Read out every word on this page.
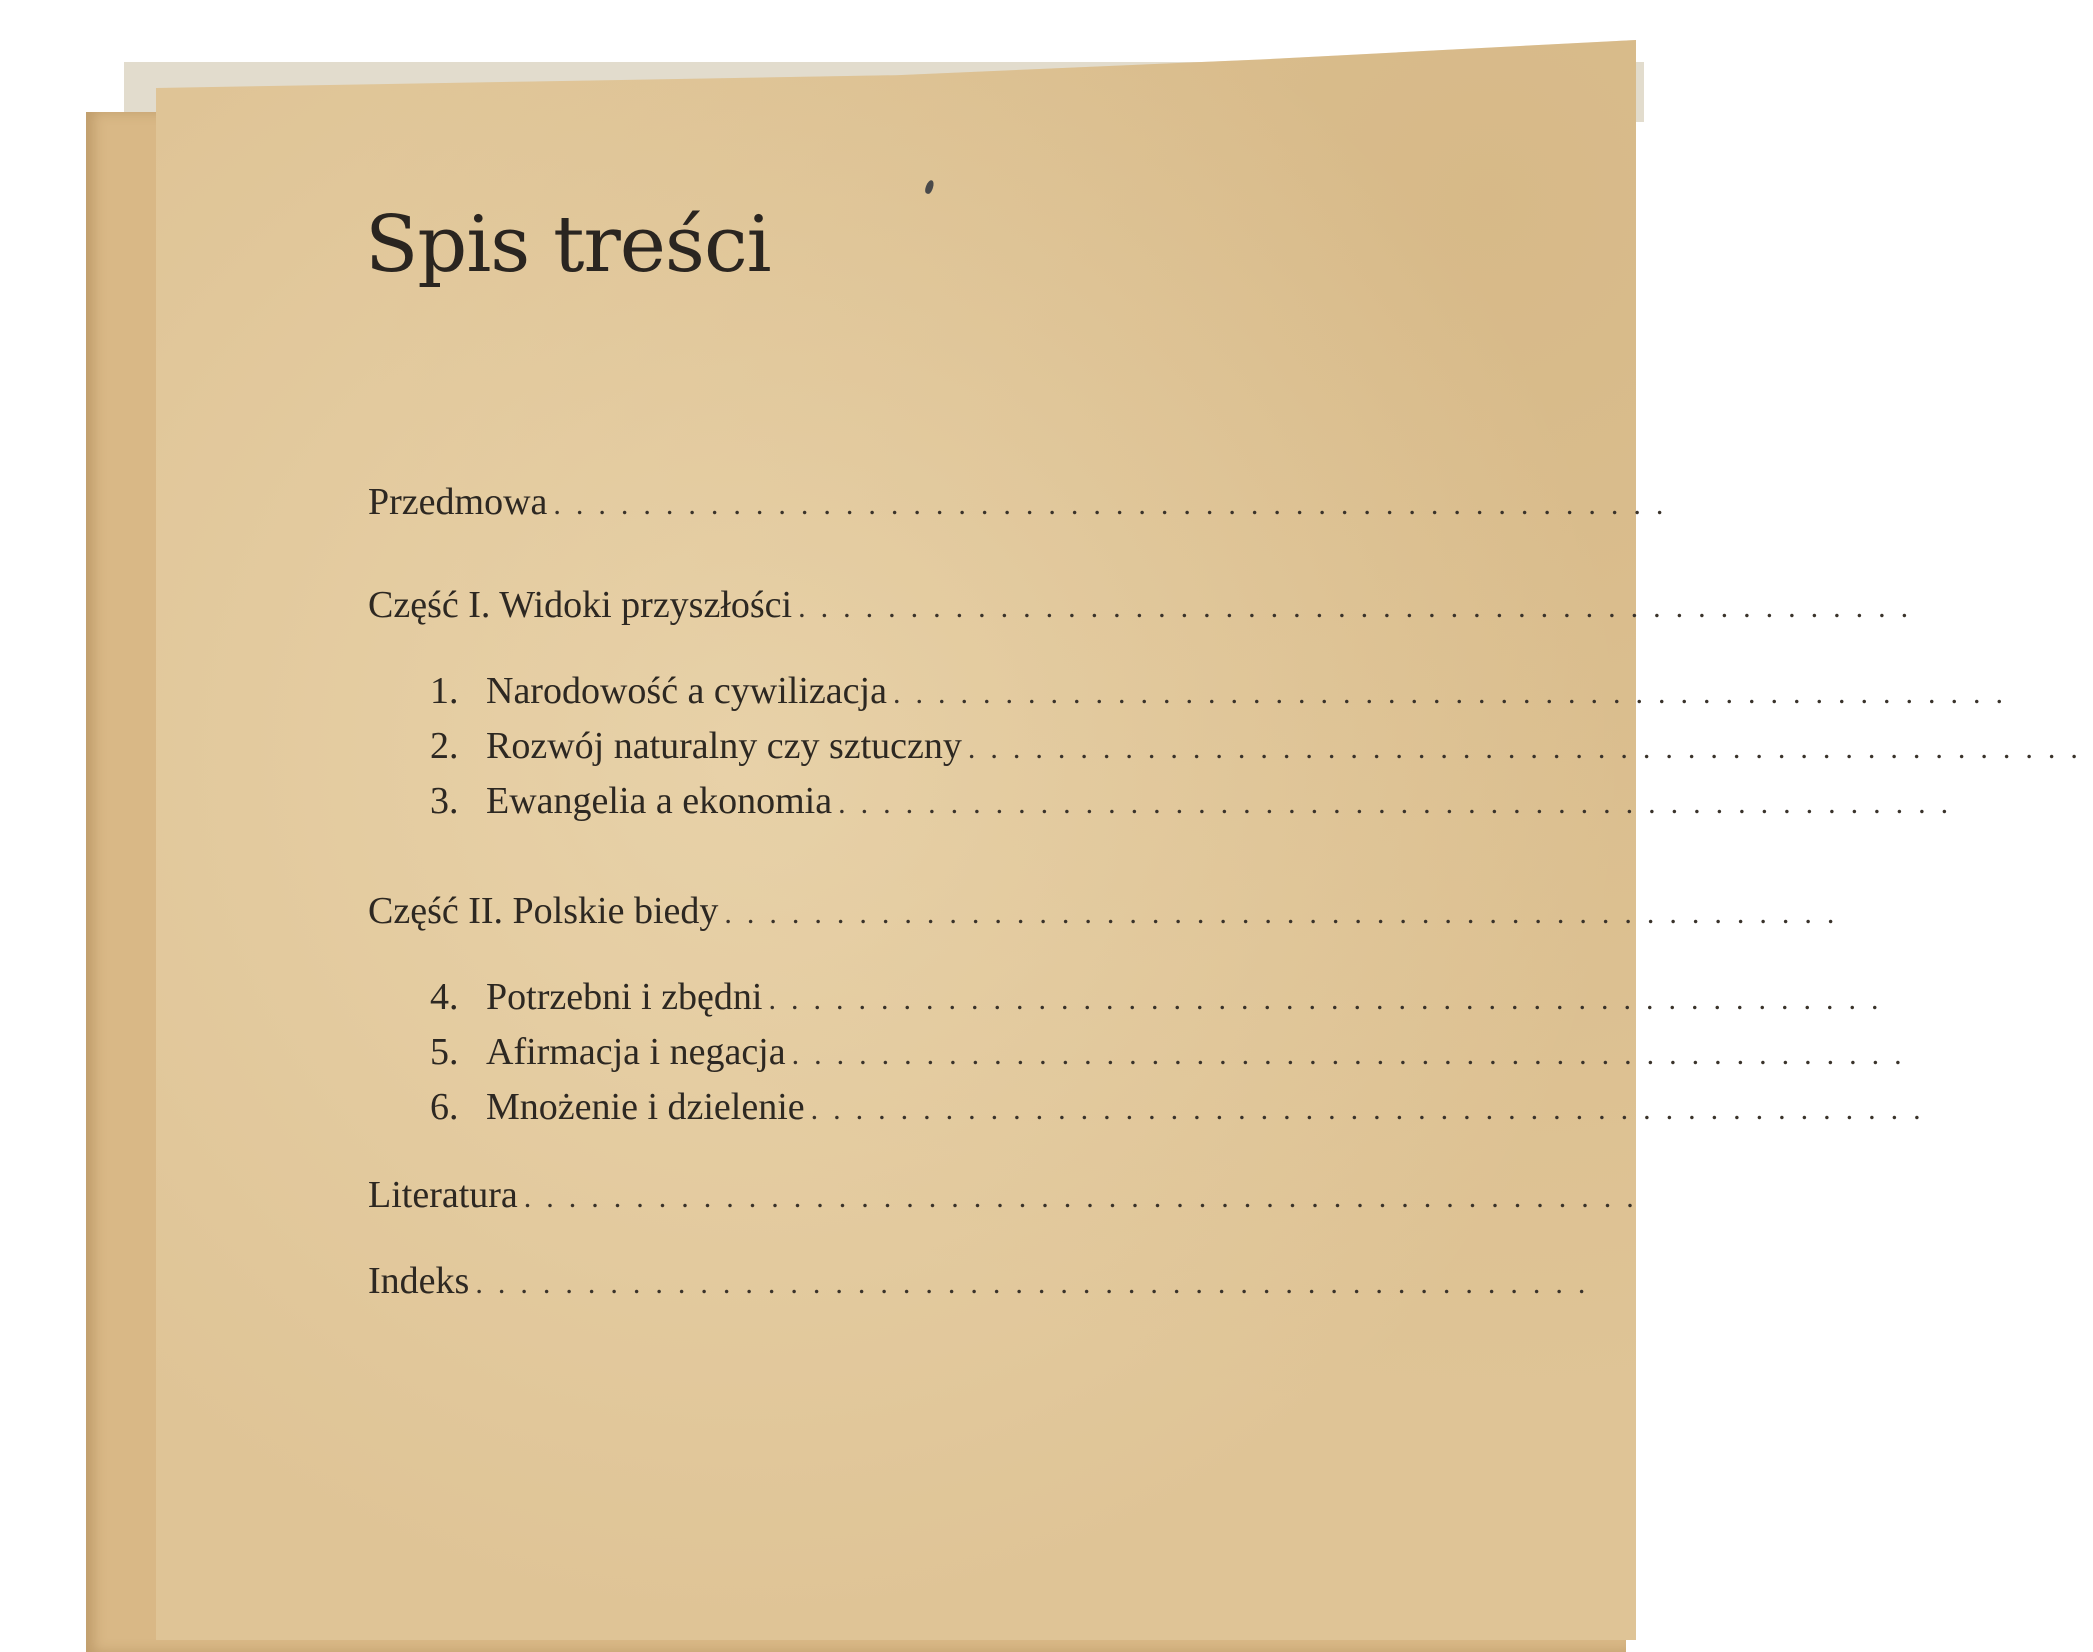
Spis treści
Przedmowa ..................................................
Część I. Widoki przyszłości ..................................................
1. Narodowość a cywilizacja ..................................................
2. Rozwój naturalny czy sztuczny ..................................................
3. Ewangelia a ekonomia ..................................................
Część II. Polskie biedy ..................................................
4. Potrzebni i zbędni ..................................................
5. Afirmacja i negacja ..................................................
6. Mnożenie i dzielenie ..................................................
Literatura ..................................................
Indeks ..................................................
